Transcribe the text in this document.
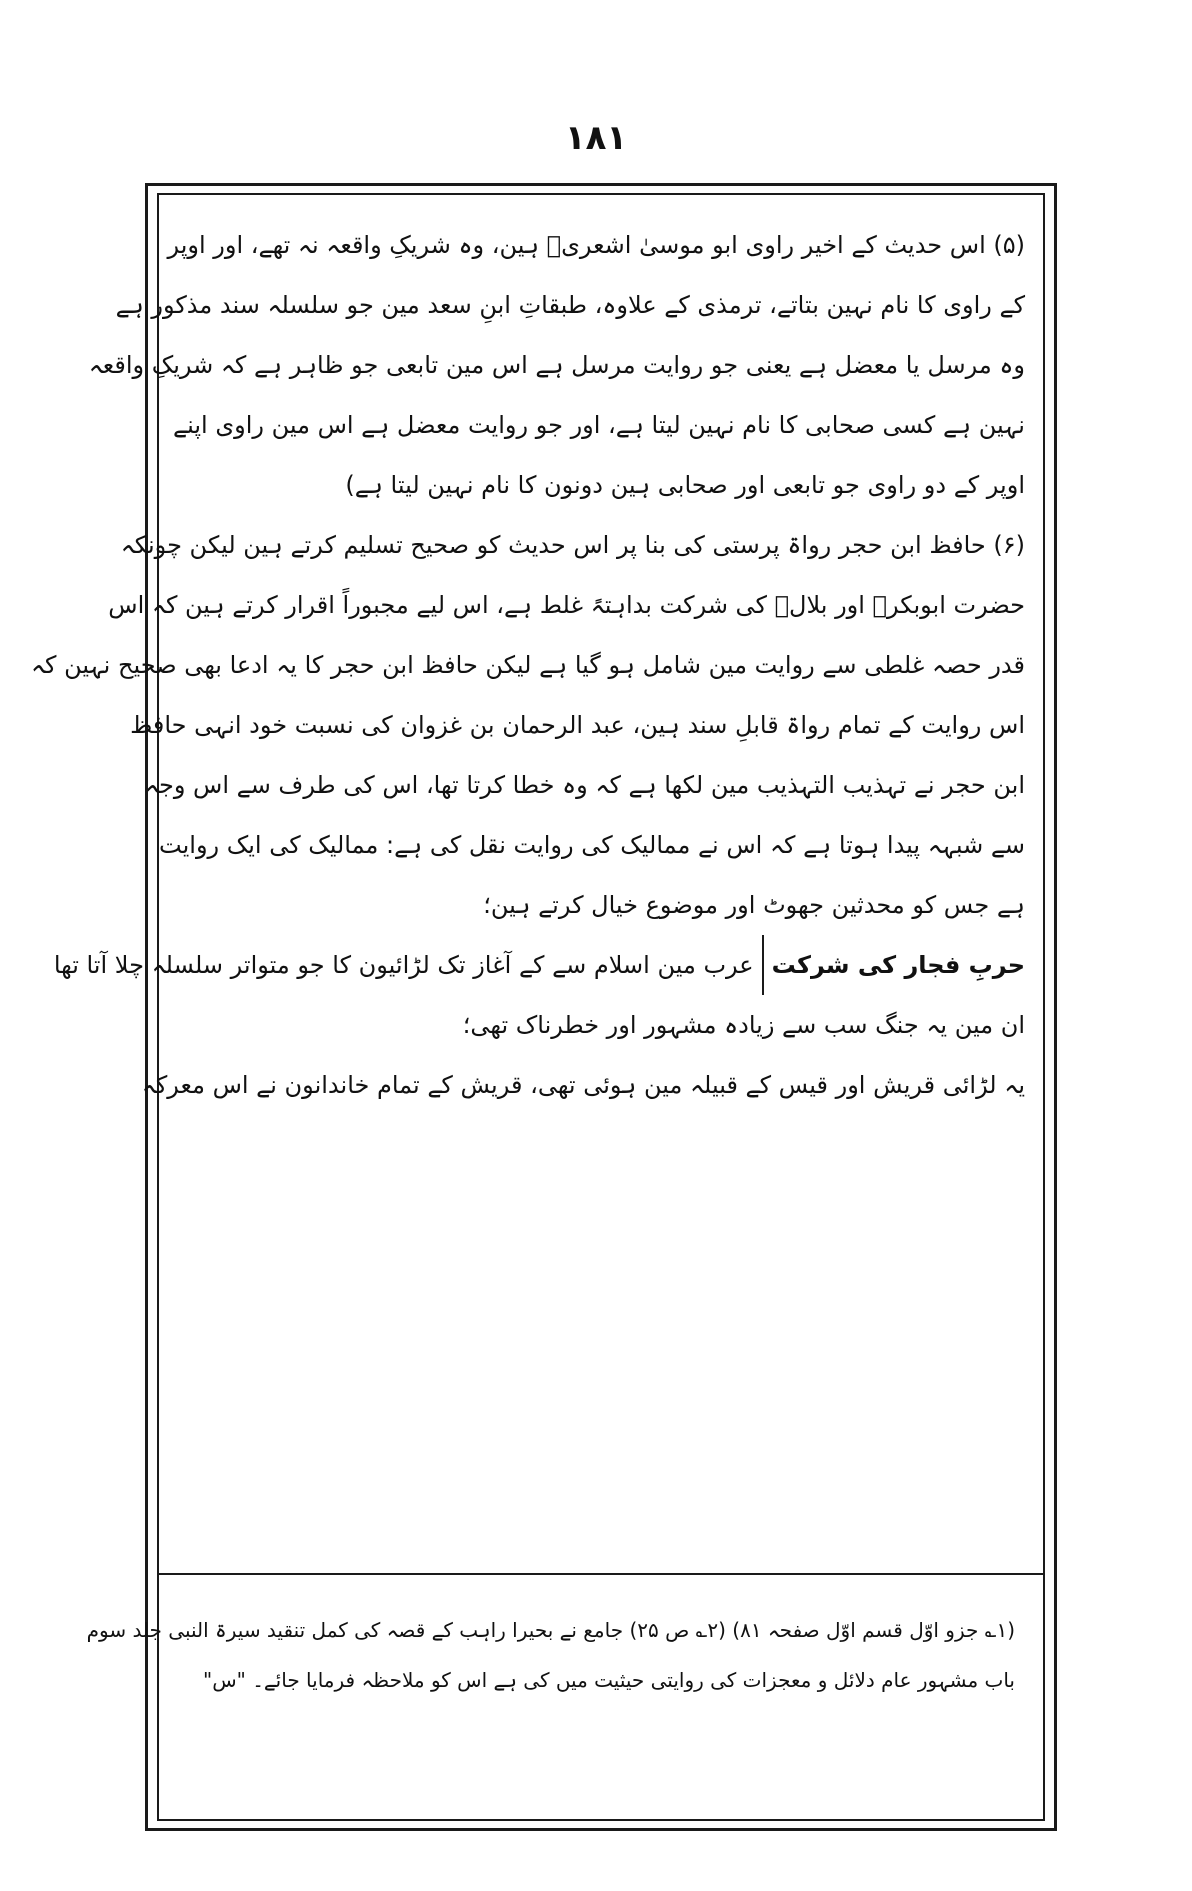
۱۸۱
(۵) اس حدیث کے اخیر راوی ابو موسیٰ اشعریؓ ہین، وہ شریکِ واقعہ نہ تھے، اور اوپر
کے راوی کا نام نہین بتاتے، ترمذی کے علاوہ، طبقاتِ ابنِ سعد مین جو سلسلہ سند مذکور ہے
وہ مرسل یا معضل ہے یعنی جو روایت مرسل ہے اس مین تابعی جو ظاہر ہے کہ شریکِ واقعہ
نہین ہے کسی صحابی کا نام نہین لیتا ہے، اور جو روایت معضل ہے اس مین راوی اپنے
اوپر کے دو راوی جو تابعی اور صحابی ہین دونون کا نام نہین لیتا ہے)
(۶) حافظ ابن حجر رواۃ پرستی کی بنا پر اس حدیث کو صحیح تسلیم کرتے ہین لیکن چونکہ
حضرت ابوبکرؓ اور بلالؓ کی شرکت بداہتہً غلط ہے، اس لیے مجبوراً اقرار کرتے ہین کہ اس
قدر حصہ غلطی سے روایت مین شامل ہو گیا ہے لیکن حافظ ابن حجر کا یہ ادعا بھی صحیح نہین کہ
اس روایت کے تمام رواۃ قابلِ سند ہین، عبد الرحمان بن غزوان کی نسبت خود انہی حافظ
ابن حجر نے تہذیب التہذیب مین لکھا ہے کہ وہ خطا کرتا تھا، اس کی طرف سے اس وجہ
سے شبہہ پیدا ہوتا ہے کہ اس نے ممالیک کی روایت نقل کی ہے: ممالیک کی ایک روایت
ہے جس کو محدثین جھوٹ اور موضوع خیال کرتے ہین؛
حربِ فجار کی شرکتعرب مین اسلام سے کے آغاز تک لڑائیون کا جو متواتر سلسلہ چلا آتا تھا
ان مین یہ جنگ سب سے زیادہ مشہور اور خطرناک تھی؛
یہ لڑائی قریش اور قیس کے قبیلہ مین ہوئی تھی، قریش کے تمام خاندانون نے اس معرکہ
(۱؎ جزو اوّل قسم اوّل صفحہ ۸۱) (۲؎ ص ۲۵) جامع نے بحیرا راہب کے قصہ کی کمل تنقید سیرۃ النبی جلد سوم
باب مشہور عام دلائل و معجزات کی روایتی حیثیت میں کی ہے اس کو ملاحظہ فرمایا جائے۔ "س"
